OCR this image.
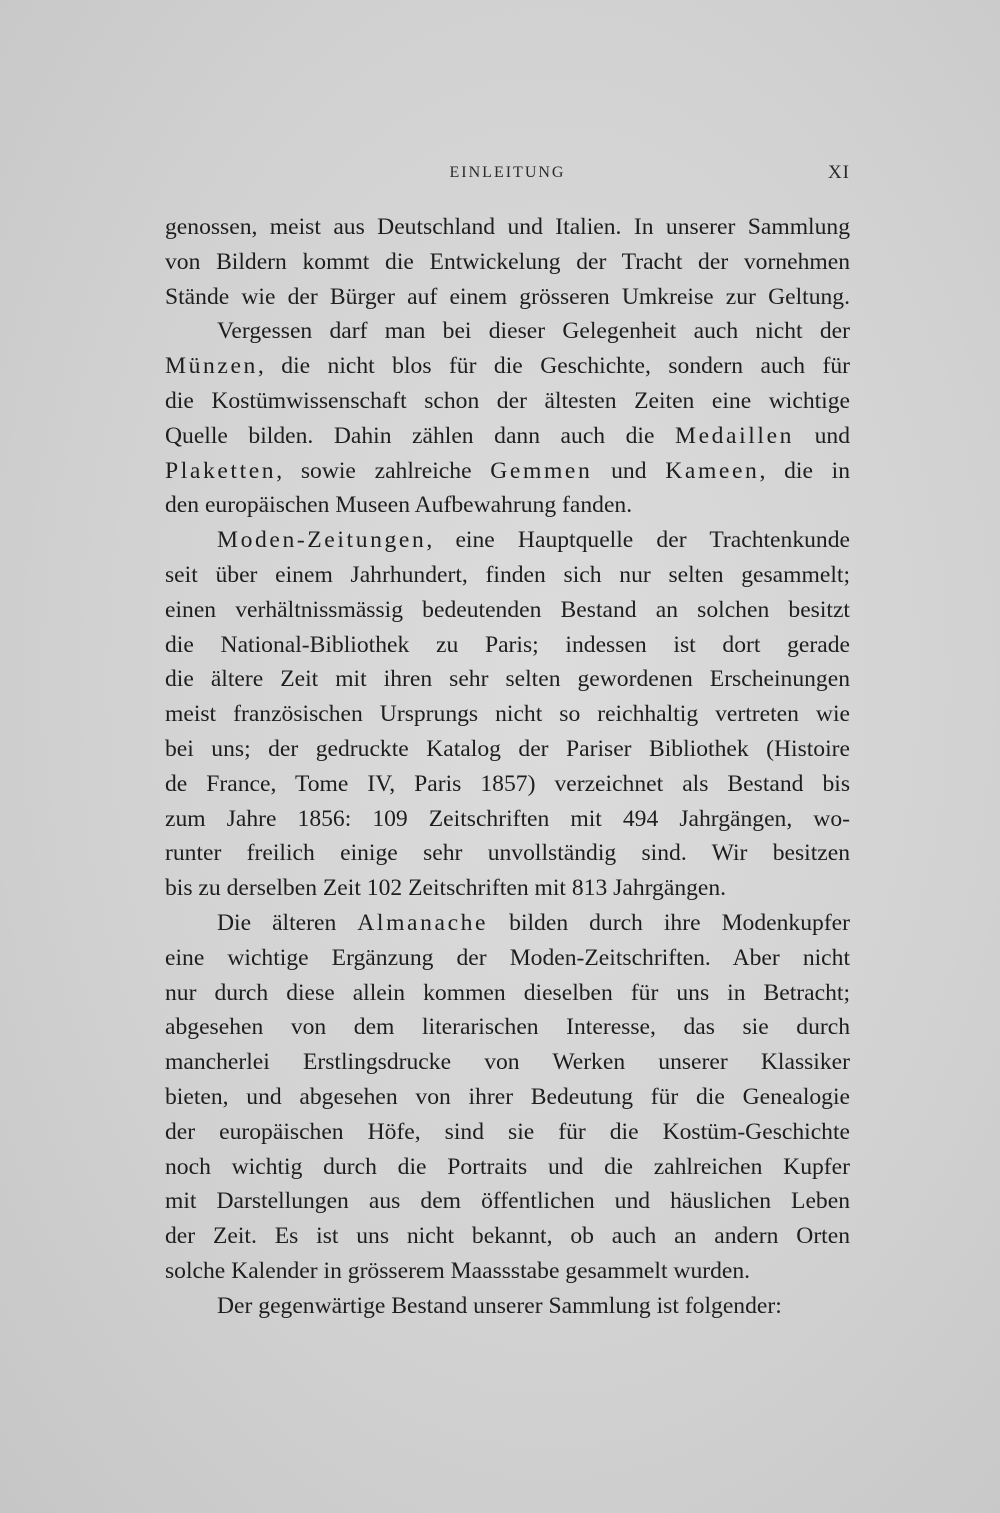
EINLEITUNG	XI
genossen, meist aus Deutschland und Italien. In unserer Sammlung
von Bildern kommt die Entwickelung der Tracht der vornehmen
Stände wie der Bürger auf einem grösseren Umkreise zur Geltung.
Vergessen darf man bei dieser Gelegenheit auch nicht der
Münzen, die nicht blos für die Geschichte, sondern auch für
die Kostümwissenschaft schon der ältesten Zeiten eine wichtige
Quelle bilden. Dahin zählen dann auch die Medaillen und
Plaketten, sowie zahlreiche Gemmen und Kameen, die in
den europäischen Museen Aufbewahrung fanden.
Moden-Zeitungen, eine Hauptquelle der Trachtenkunde
seit über einem Jahrhundert, finden sich nur selten gesammelt;
einen verhältnissmässig bedeutenden Bestand an solchen besitzt
die National-Bibliothek zu Paris; indessen ist dort gerade
die ältere Zeit mit ihren sehr selten gewordenen Erscheinungen
meist französischen Ursprungs nicht so reichhaltig vertreten wie
bei uns; der gedruckte Katalog der Pariser Bibliothek (Histoire
de France, Tome IV, Paris 1857) verzeichnet als Bestand bis
zum Jahre 1856: 109 Zeitschriften mit 494 Jahrgängen, wo-
runter freilich einige sehr unvollständig sind. Wir besitzen
bis zu derselben Zeit 102 Zeitschriften mit 813 Jahrgängen.
Die älteren Almanache bilden durch ihre Modenkupfer
eine wichtige Ergänzung der Moden-Zeitschriften. Aber nicht
nur durch diese allein kommen dieselben für uns in Betracht;
abgesehen von dem literarischen Interesse, das sie durch
mancherlei Erstlingsdrucke von Werken unserer Klassiker
bieten, und abgesehen von ihrer Bedeutung für die Genealogie
der europäischen Höfe, sind sie für die Kostüm-Geschichte
noch wichtig durch die Portraits und die zahlreichen Kupfer
mit Darstellungen aus dem öffentlichen und häuslichen Leben
der Zeit. Es ist uns nicht bekannt, ob auch an andern Orten
solche Kalender in grösserem Maassstabe gesammelt wurden.
Der gegenwärtige Bestand unserer Sammlung ist folgender:
